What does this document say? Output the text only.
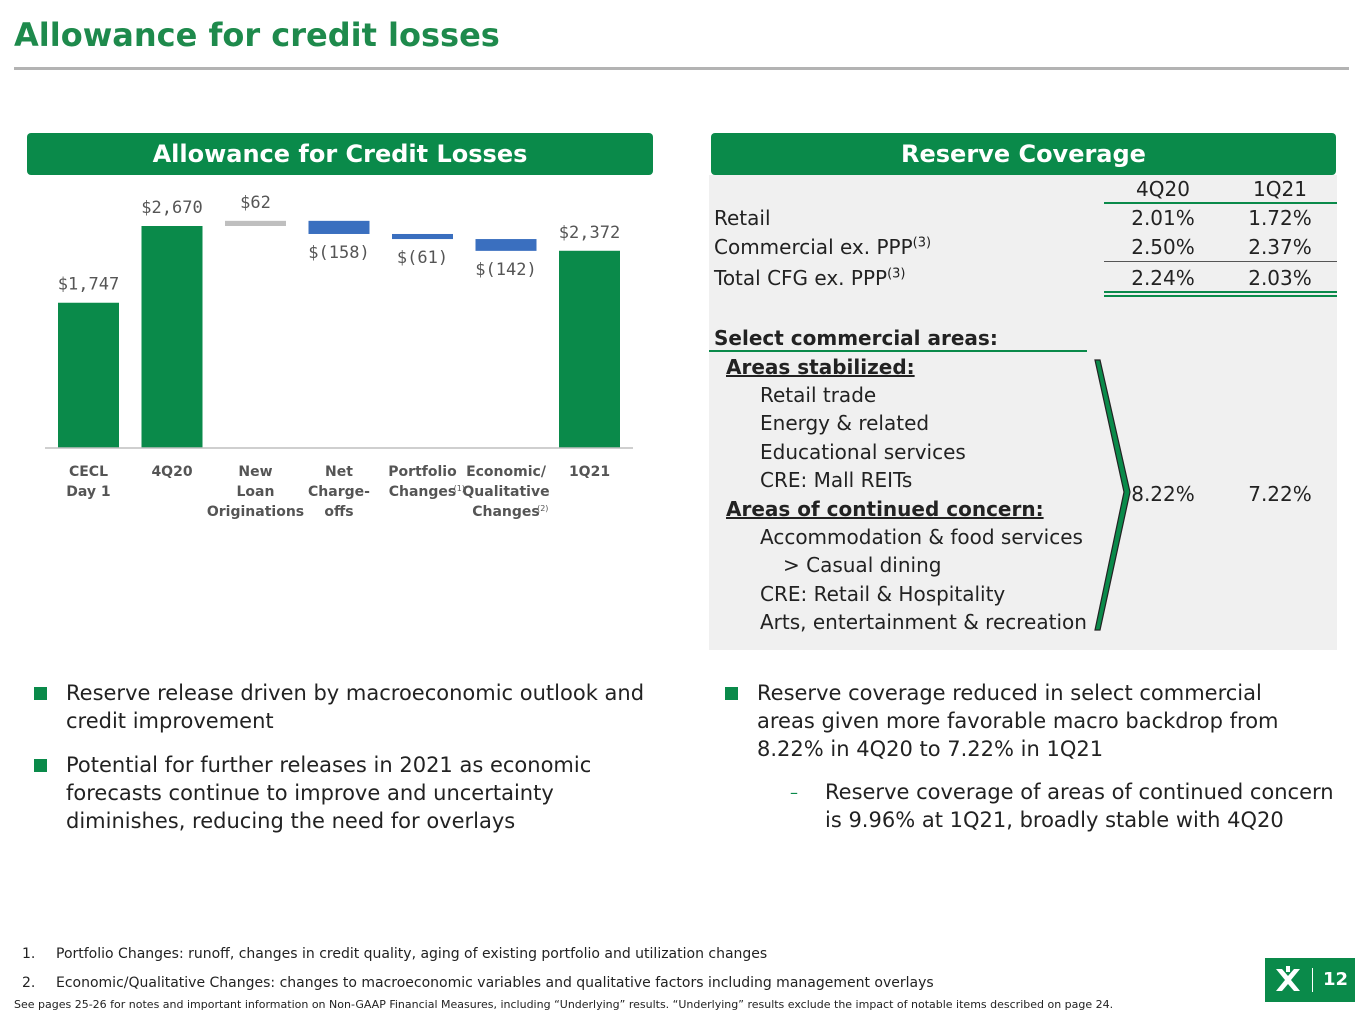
Allowance for credit losses
Allowance for Credit Losses
$1,747
$2,670 $62
$(158) $(61)
$(142)
$2,372
CECL
Day 1
4Q20	New
Loan
Originations
Net
Charge-
offs
Portfolio
Changes
(1)
Economic/
Qualitative
Changes
(2)
1Q21
Reserve Coverage
4Q20	1Q21
Retail	2.01%	1.72%
Commercial ex. PPP$^{(3)}$	2.50%	2.37%
Total CFG ex. PPP$^{(3)}$	2.24%	2.03%
Select commercial areas:
Areas stabilized:
Retail trade
Energy & related
Educational services
CRE: Mall REITs
Areas of continued concern:
Accommodation & food services
> Casual dining
CRE: Retail & Hospitality
Arts, entertainment & recreation
8.22%	7.22%
Reserve release driven by macroeconomic outlook and credit improvement
Potential for further releases in 2021 as economic forecasts continue to improve and uncertainty diminishes, reducing the need for overlays
Reserve coverage reduced in select commercial areas given more favorable macro backdrop from 8.22% in 4Q20 to 7.22% in 1Q21
– Reserve coverage of areas of continued concern is 9.96% at 1Q21, broadly stable with 4Q20
1. Portfolio Changes: runoff, changes in credit quality, aging of existing portfolio and utilization changes
2. Economic/Qualitative Changes: changes to macroeconomic variables and qualitative factors including management overlays
See pages 25-26 for notes and important information on Non-GAAP Financial Measures, including “Underlying” results. “Underlying” results exclude the impact of notable items described on page 24.
12
